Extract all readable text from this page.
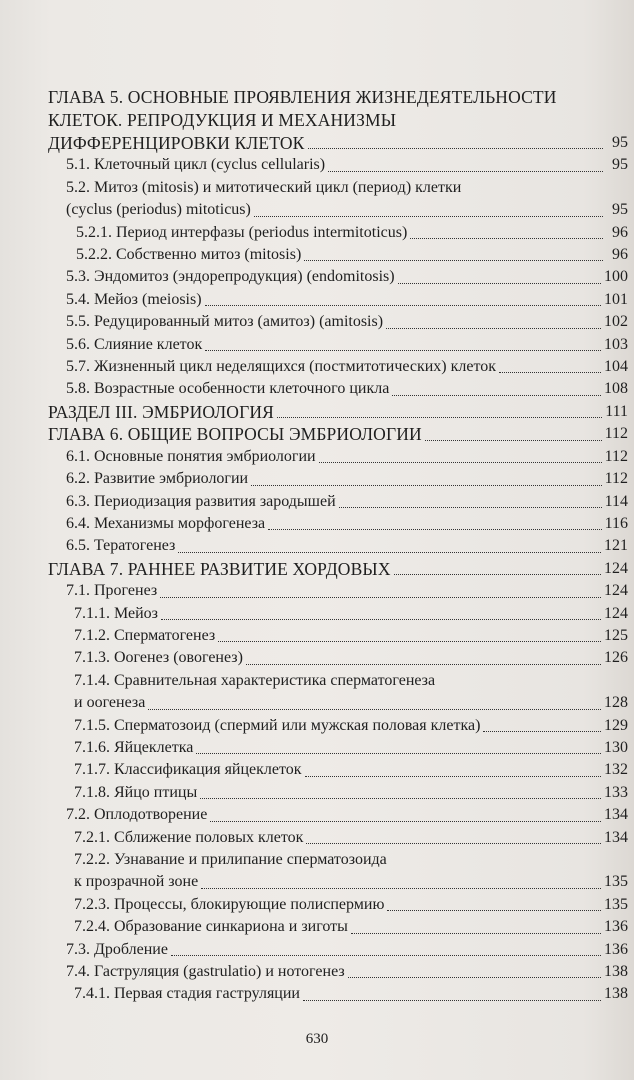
ГЛАВА 5. ОСНОВНЫЕ ПРОЯВЛЕНИЯ ЖИЗНЕДЕЯТЕЛЬНОСТИ
КЛЕТОК. РЕПРОДУКЦИЯ И МЕХАНИЗМЫ
ДИФФЕРЕНЦИРОВКИ КЛЕТОК	95
5.1. Клеточный цикл (cyclus cellularis)	95
5.2. Митоз (mitosis) и митотический цикл (период) клетки
(cyclus (periodus) mitoticus)	95
5.2.1. Период интерфазы (periodus intermitoticus)	96
5.2.2. Собственно митоз (mitosis)	96
5.3. Эндомитоз (эндорепродукция) (endomitosis)	100
5.4. Мейоз (meiosis)	101
5.5. Редуцированный митоз (амитоз) (amitosis)	102
5.6. Слияние клеток	103
5.7. Жизненный цикл неделящихся (постмитотических) клеток	104
5.8. Возрастные особенности клеточного цикла	108
РАЗДЕЛ III. ЭМБРИОЛОГИЯ	111
ГЛАВА 6. ОБЩИЕ ВОПРОСЫ ЭМБРИОЛОГИИ	112
6.1. Основные понятия эмбриологии	112
6.2. Развитие эмбриологии	112
6.3. Периодизация развития зародышей	114
6.4. Механизмы морфогенеза	116
6.5. Тератогенез	121
ГЛАВА 7. РАННЕЕ РАЗВИТИЕ ХОРДОВЫХ	124
7.1. Прогенез	124
7.1.1. Мейоз	124
7.1.2. Сперматогенез	125
7.1.3. Оогенез (овогенез)	126
7.1.4. Сравнительная характеристика сперматогенеза
и оогенеза	128
7.1.5. Сперматозоид (спермий или мужская половая клетка)	129
7.1.6. Яйцеклетка	130
7.1.7. Классификация яйцеклеток	132
7.1.8. Яйцо птицы	133
7.2. Оплодотворение	134
7.2.1. Сближение половых клеток	134
7.2.2. Узнавание и прилипание сперматозоида
к прозрачной зоне	135
7.2.3. Процессы, блокирующие полиспермию	135
7.2.4. Образование синкариона и зиготы	136
7.3. Дробление	136
7.4. Гаструляция (gastrulatio) и нотогенез	138
7.4.1. Первая стадия гаструляции	138
630
